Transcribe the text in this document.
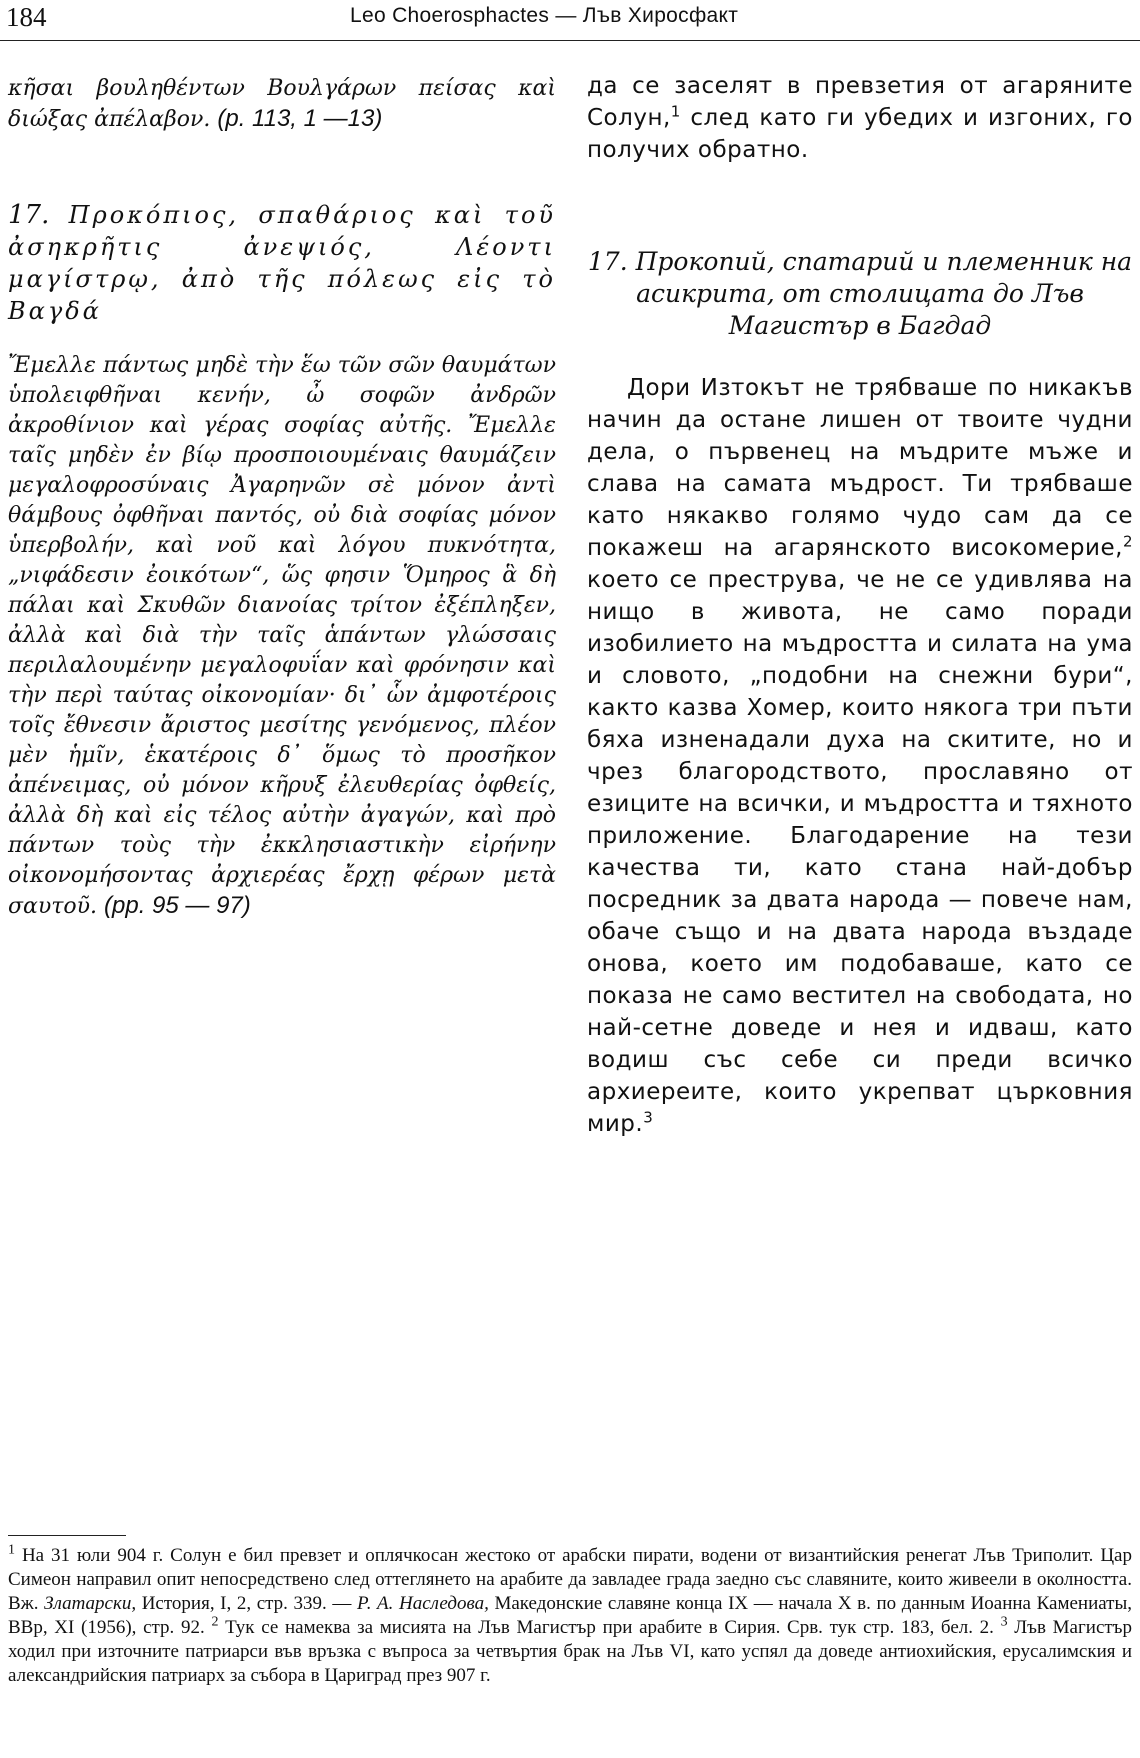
184	Leo Choerosphactes — Лъв Хиросфакт

κῆσαι βουληθέντων Βουλγάρων πείσας καὶ διώξας ἀπέλαβον. (p. 113, 1 —13)

17. Προκόπιος, σπαθάριος καὶ τοῦ ἀσηκρῆτις ἀνεψιός, Λέοντι μαγίστρῳ, ἀπὸ τῆς πόλεως εἰς τὸ Βαγδά

Ἔμελλε πάντως μηδὲ τὴν ἕω τῶν σῶν θαυμάτων ὑπολειφθῆναι κενήν, ὦ σοφῶν ἀνδρῶν ἀκροθίνιον καὶ γέρας σοφίας αὐτῆς. Ἔμελλε ταῖς μηδὲν ἐν βίῳ προσποιουμέναις θαυμάζειν μεγαλοφροσύναις Ἀγαρηνῶν σὲ μόνον ἀντὶ θάμβους ὀφθῆναι παντός, οὐ διὰ σοφίας μόνον ὑπερβολήν, καὶ νοῦ καὶ λόγου πυκνότητα, „νιφάδεσιν ἐοικότων“, ὥς φησιν Ὅμηρος ἃ δὴ πάλαι καὶ Σκυθῶν διανοίας τρίτον ἐξέπληξεν, ἀλλὰ καὶ διὰ τὴν ταῖς ἁπάντων γλώσσαις περιλαλουμένην μεγαλοφυΐαν καὶ φρόνησιν καὶ τὴν περὶ ταύτας οἰκονομίαν· δι᾽ ὧν ἀμφοτέροις τοῖς ἔθνεσιν ἄριστος μεσίτης γενόμενος, πλέον μὲν ἡμῖν, ἑκατέροις δ᾽ ὅμως τὸ προσῆκον ἀπένειμας, οὐ μόνον κῆρυξ ἐλευθερίας ὀφθείς, ἀλλὰ δὴ καὶ εἰς τέλος αὐτὴν ἀγαγών, καὶ πρὸ πάντων τοὺς τὴν ἐκκλησιαστικὴν εἰρήνην οἰκονομήσοντας ἀρχιερέας ἔρχῃ φέρων μετὰ σαυτοῦ. (pp. 95 — 97)

да се заселят в превзетия от агаряните Солун,$^1$ след като ги убедих и изгоних, го получих обратно.

17. Прокопий, спатарий и племенник на асикрита, от столицата до Лъв Магистър в Багдад

Дори Изтокът не трябваше по никакъв начин да остане лишен от твоите чудни дела, о първенец на мъдрите мъже и слава на самата мъдрост. Ти трябваше като някакво голямо чудо сам да се покажеш на агарянското високомерие,$^2$ което се преструва, че не се удивлява на нищо в живота, не само поради изобилието на мъдростта и силата на ума и словото, „подобни на снежни бури“, както казва Хомер, които някога три пъти бяха изненадали духа на скитите, но и чрез благородството, прославяно от езиците на всички, и мъдростта и тяхното приложение. Благодарение на тези качества ти, като стана най-добър посредник за двата народа — повече нам, обаче също и на двата народа въздаде онова, което им подобаваше, като се показа не само вестител на свободата, но най-сетне доведе и нея и идваш, като водиш със себе си преди всичко архиереите, които укрепват църковния мир.$^3$

$^1$ На 31 юли 904 г. Солун е бил превзет и оплячкосан жестоко от арабски пирати, водени от византийския ренегат Лъв Триполит. Цар Симеон направил опит непосредствено след оттеглянето на арабите да завладее града заедно със славяните, които живеели в околността. Вж. Златарски, История, I, 2, стр. 339. — Р. А. Наследова, Македонские славяне конца IX — начала X в. по данным Иоанна Камениаты, ВВр, XI (1956), стр. 92. $^2$ Тук се намеква за мисията на Лъв Магистър при арабите в Сирия. Срв. тук стр. 183, бел. 2. $^3$ Лъв Магистър ходил при източните патриарси във връзка с въпроса за четвъртия брак на Лъв VI, като успял да доведе антиохийския, ерусалимския и александрийския патриарх за събора в Цариград през 907 г.
